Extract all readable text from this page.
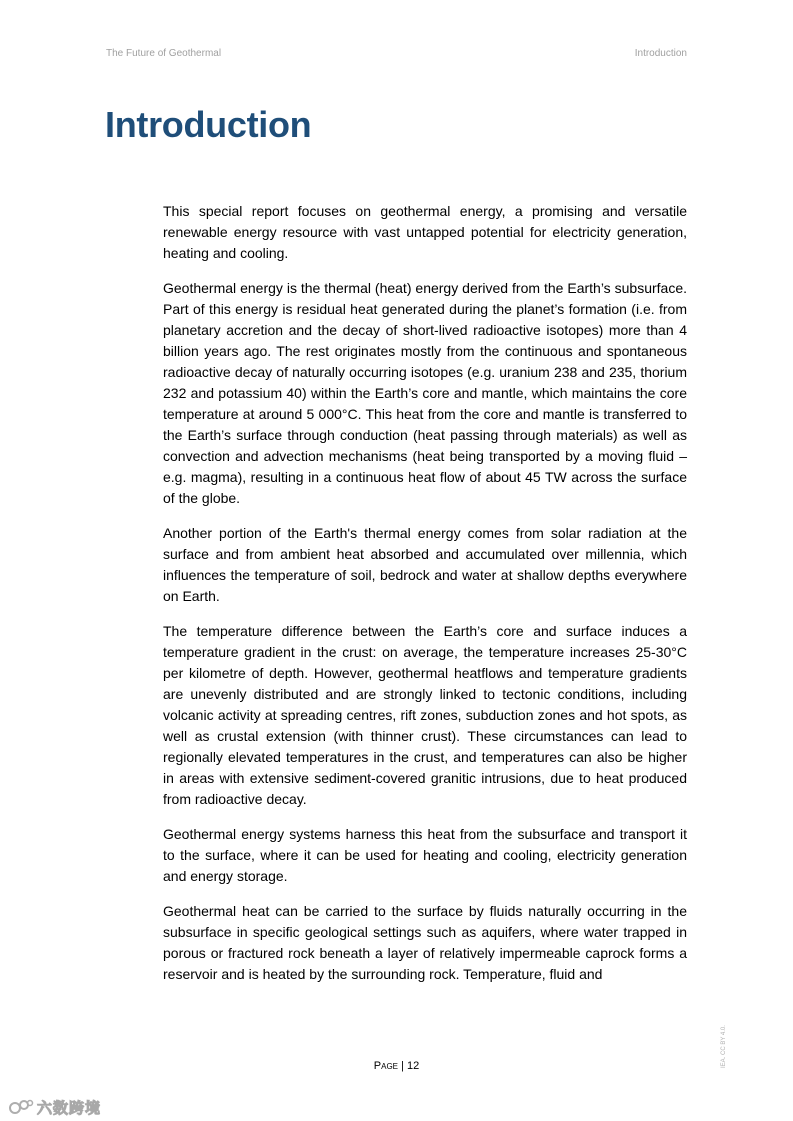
The Future of Geothermal	Introduction
Introduction

This special report focuses on geothermal energy, a promising and versatile renewable energy resource with vast untapped potential for electricity generation, heating and cooling.

Geothermal energy is the thermal (heat) energy derived from the Earth’s subsurface. Part of this energy is residual heat generated during the planet’s formation (i.e. from planetary accretion and the decay of short-lived radioactive isotopes) more than 4 billion years ago. The rest originates mostly from the continuous and spontaneous radioactive decay of naturally occurring isotopes (e.g. uranium 238 and 235, thorium 232 and potassium 40) within the Earth’s core and mantle, which maintains the core temperature at around 5 000°C. This heat from the core and mantle is transferred to the Earth’s surface through conduction (heat passing through materials) as well as convection and advection mechanisms (heat being transported by a moving fluid – e.g. magma), resulting in a continuous heat flow of about 45 TW across the surface of the globe.

Another portion of the Earth's thermal energy comes from solar radiation at the surface and from ambient heat absorbed and accumulated over millennia, which influences the temperature of soil, bedrock and water at shallow depths everywhere on Earth.

The temperature difference between the Earth’s core and surface induces a temperature gradient in the crust: on average, the temperature increases 25-30°C per kilometre of depth. However, geothermal heatflows and temperature gradients are unevenly distributed and are strongly linked to tectonic conditions, including volcanic activity at spreading centres, rift zones, subduction zones and hot spots, as well as crustal extension (with thinner crust). These circumstances can lead to regionally elevated temperatures in the crust, and temperatures can also be higher in areas with extensive sediment-covered granitic intrusions, due to heat produced from radioactive decay.

Geothermal energy systems harness this heat from the subsurface and transport it to the surface, where it can be used for heating and cooling, electricity generation and energy storage.

Geothermal heat can be carried to the surface by fluids naturally occurring in the subsurface in specific geological settings such as aquifers, where water trapped in porous or fractured rock beneath a layer of relatively impermeable caprock forms a reservoir and is heated by the surrounding rock. Temperature, fluid and

Page | 12	IEA. CC BY 4.0.
六数跨境
